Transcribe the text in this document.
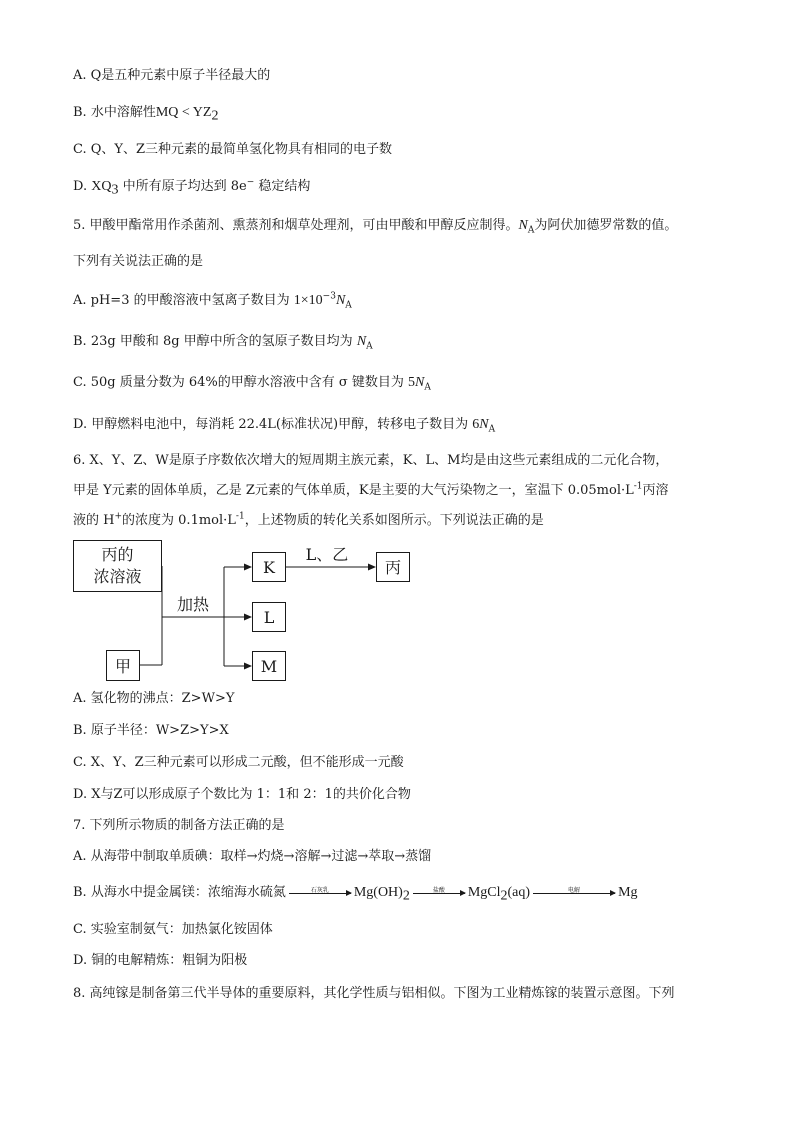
A. Q是五种元素中原子半径最大的
B. 水中溶解性MQ < $YZ_2$
C. Q、Y、Z三种元素的最简单氢化物具有相同的电子数
D. $XQ_3$ 中所有原子均达到 8e− 稳定结构
5. 甲酸甲酯常用作杀菌剂、熏蒸剂和烟草处理剂，可由甲酸和甲醇反应制得。$N_A$为阿伏加德罗常数的值。
下列有关说法正确的是
A. pH=3 的甲酸溶液中氢离子数目为 $1\times 10^{-3}N_A$
B. 23g 甲酸和 8g 甲醇中所含的氢原子数目均为 $N_A$
C. 50g 质量分数为 64%的甲醇水溶液中含有 σ 键数目为 $5N_A$
D. 甲醇燃料电池中，每消耗 22.4L(标准状况)甲醇，转移电子数目为 $6N_A$
6. X、Y、Z、W是原子序数依次增大的短周期主族元素，K、L、M均是由这些元素组成的二元化合物，
甲是 Y元素的固体单质，乙是 Z元素的气体单质，K是主要的大气污染物之一，室温下 $0.05mol\cdot L^{-1}$丙溶
液的 H+的浓度为 $0.1mol\cdot L^{-1}$，上述物质的转化关系如图所示。下列说法正确的是
丙的
浓溶液
甲
加热
K
L
M
L、乙
丙
A. 氢化物的沸点：Z>W>Y
B. 原子半径：W>Z>Y>X
C. X、Y、Z三种元素可以形成二元酸，但不能形成一元酸
D. X与Z可以形成原子个数比为 1：1和 2：1的共价化合物
7. 下列所示物质的制备方法正确的是
A. 从海带中制取单质碘：取样→灼烧→溶解→过滤→萃取→蒸馏
B. 从海水中提金属镁：浓缩海水硫氮	石灰乳	$Mg(OH)_2$	盐酸	MgCl$_2$(aq)	电解	Mg
C. 实验室制氨气：加热氯化铵固体
D. 铜的电解精炼：粗铜为阳极
8. 高纯镓是制备第三代半导体的重要原料，其化学性质与铝相似。下图为工业精炼镓的装置示意图。下列
